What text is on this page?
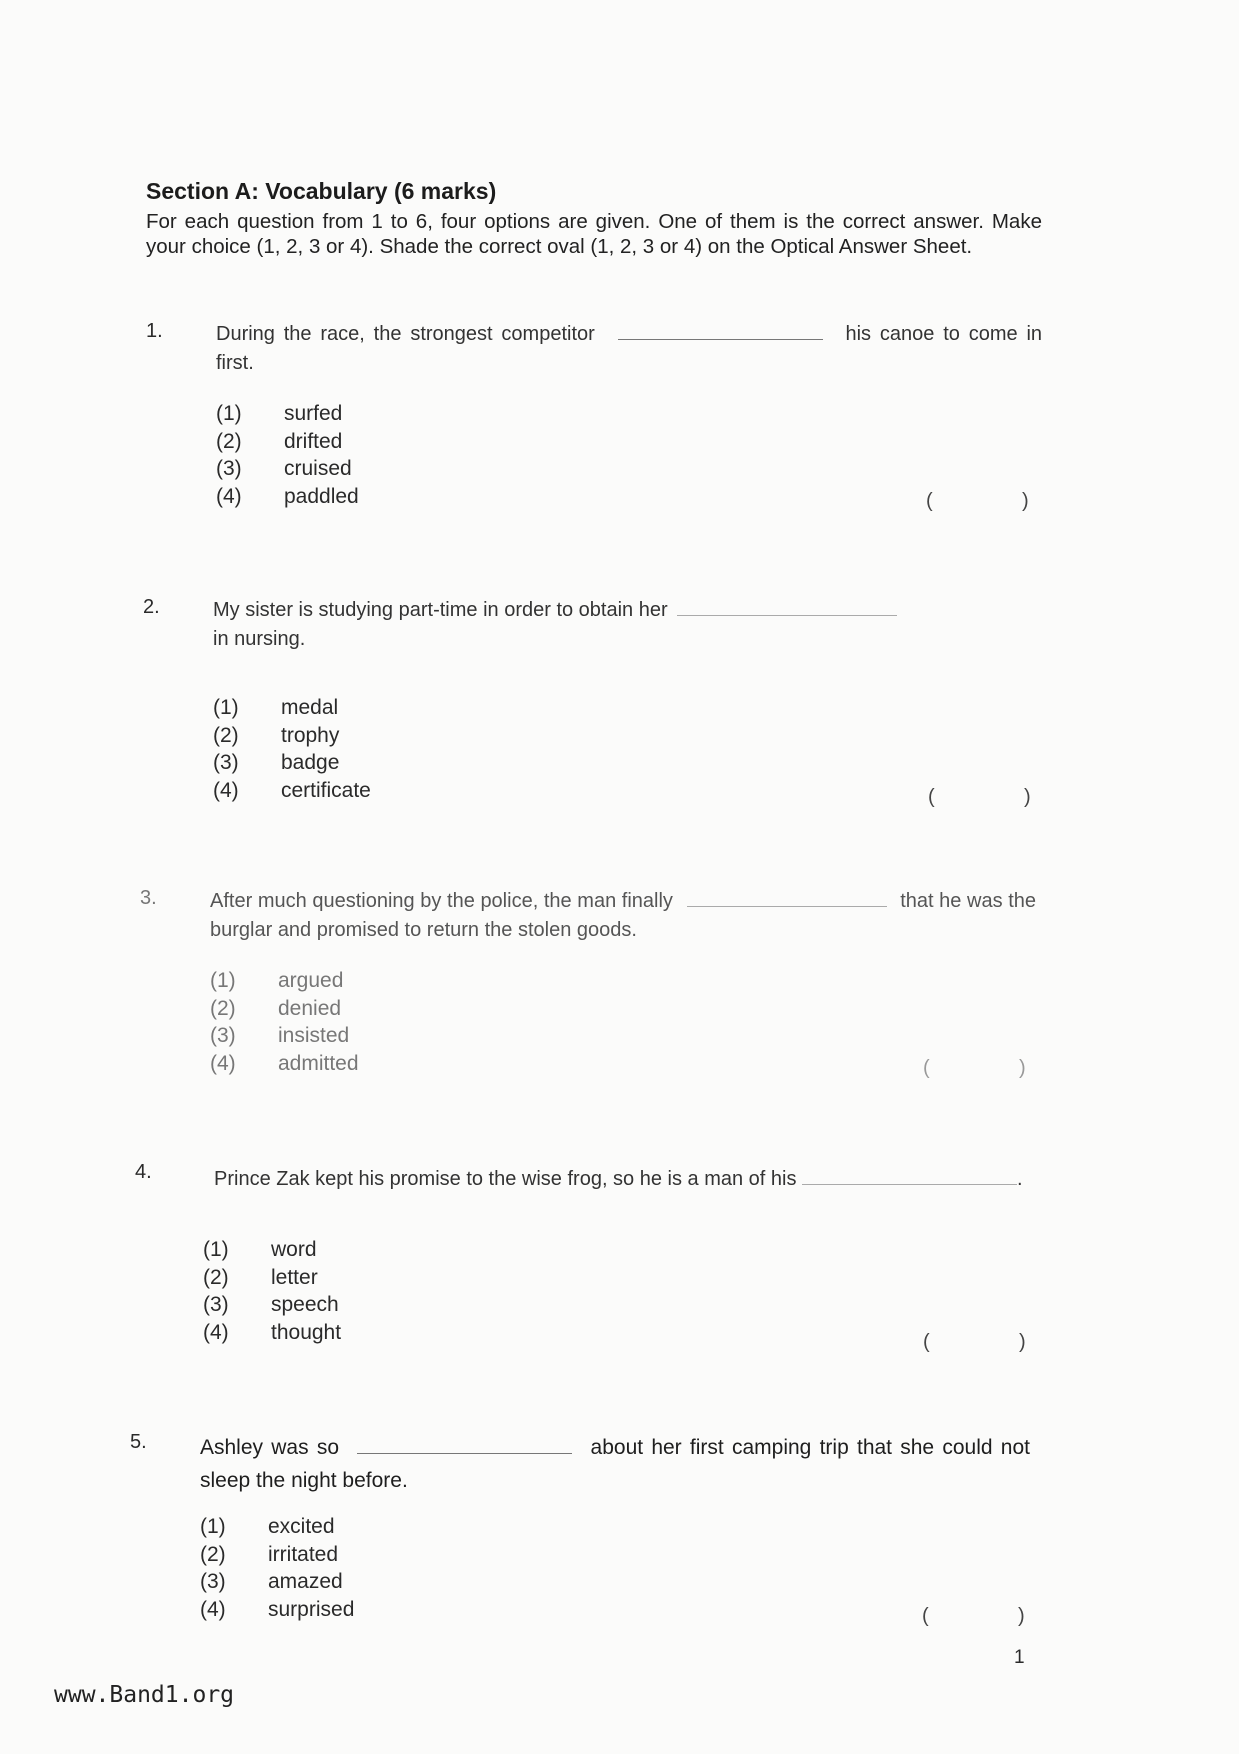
Section A: Vocabulary (6 marks)
For each question from 1 to 6, four options are given. One of them is the correct answer. Make your choice (1, 2, 3 or 4). Shade the correct oval (1, 2, 3 or 4) on the Optical Answer Sheet.
1.	During the race, the strongest competitor	his canoe to come in first.
(1) surfed
(2) drifted
(3) cruised
(4) paddled	(	)
2.	My sister is studying part-time in order to obtain her
in nursing.
(1) medal
(2) trophy
(3) badge
(4) certificate	(	)
3.	After much questioning by the police, the man finally	that he was the burglar and promised to return the stolen goods.
(1) argued
(2) denied
(3) insisted
(4) admitted	(	)
4.	Prince Zak kept his promise to the wise frog, so he is a man of his	.
(1) word
(2) letter
(3) speech
(4) thought	(	)
5.	Ashley was so	about her first camping trip that she could not sleep the night before.
(1) excited
(2) irritated
(3) amazed
(4) surprised	(	)
1
www.Band1.org
